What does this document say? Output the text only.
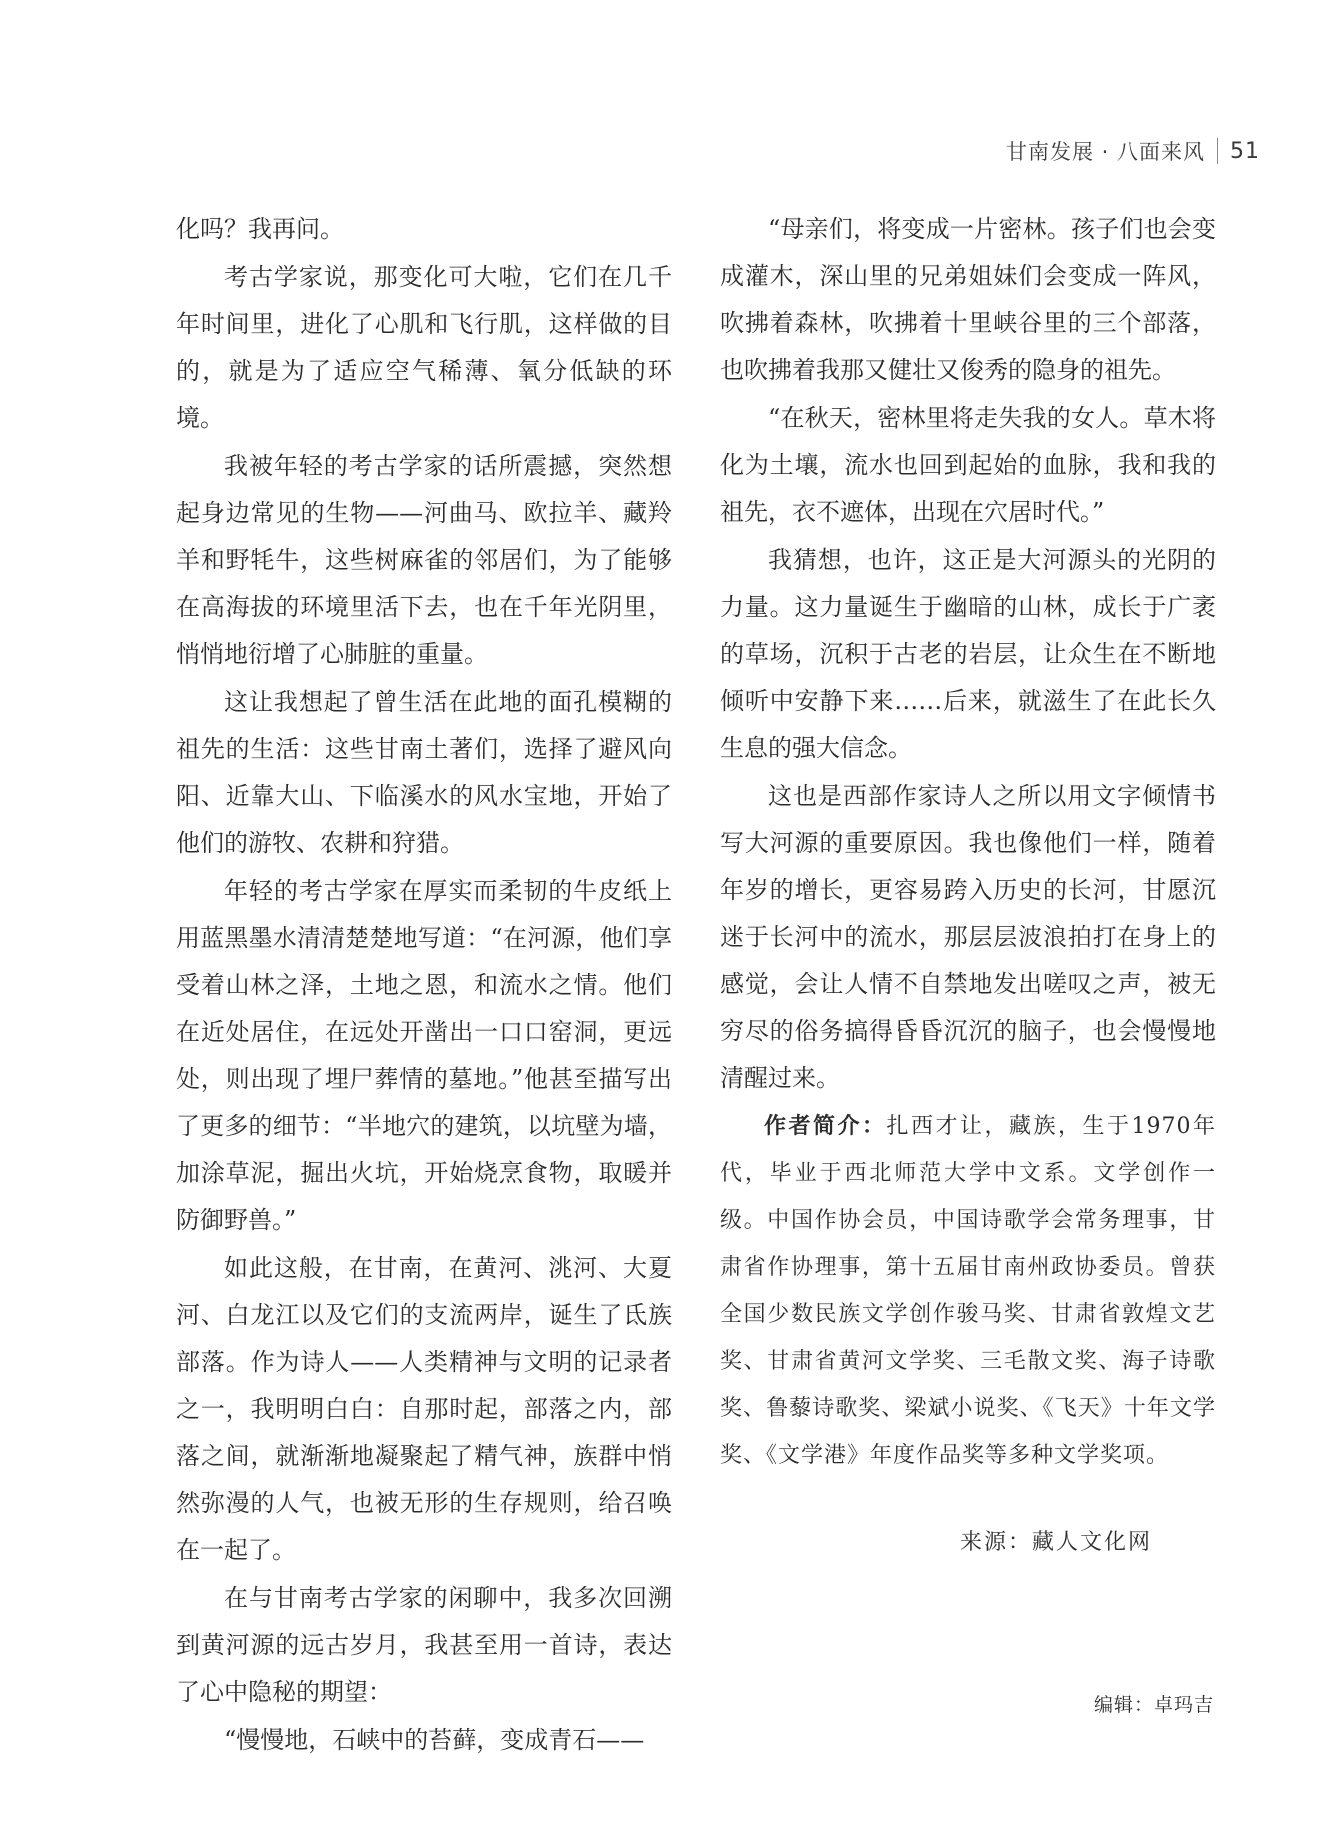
甘南发展 · 八面来风 51

化吗？我再问。

考古学家说，那变化可大啦，它们在几千年时间里，进化了心肌和飞行肌，这样做的目的，就是为了适应空气稀薄、氧分低缺的环境。

我被年轻的考古学家的话所震撼，突然想起身边常见的生物——河曲马、欧拉羊、藏羚羊和野牦牛，这些树麻雀的邻居们，为了能够在高海拔的环境里活下去，也在千年光阴里，悄悄地衍增了心肺脏的重量。

这让我想起了曾生活在此地的面孔模糊的祖先的生活：这些甘南土著们，选择了避风向阳、近靠大山、下临溪水的风水宝地，开始了他们的游牧、农耕和狩猎。

年轻的考古学家在厚实而柔韧的牛皮纸上用蓝黑墨水清清楚楚地写道：“在河源，他们享受着山林之泽，土地之恩，和流水之情。他们在近处居住，在远处开凿出一口口窑洞，更远处，则出现了埋尸葬情的墓地。”他甚至描写出了更多的细节：“半地穴的建筑，以坑壁为墙，加涂草泥，掘出火坑，开始烧烹食物，取暖并防御野兽。”

如此这般，在甘南，在黄河、洮河、大夏河、白龙江以及它们的支流两岸，诞生了氐族部落。作为诗人——人类精神与文明的记录者之一，我明明白白：自那时起，部落之内，部落之间，就渐渐地凝聚起了精气神，族群中悄然弥漫的人气，也被无形的生存规则，给召唤在一起了。

在与甘南考古学家的闲聊中，我多次回溯到黄河源的远古岁月，我甚至用一首诗，表达了心中隐秘的期望：

“慢慢地，石峡中的苔藓，变成青石——

“母亲们，将变成一片密林。孩子们也会变成灌木，深山里的兄弟姐妹们会变成一阵风，吹拂着森林，吹拂着十里峡谷里的三个部落，也吹拂着我那又健壮又俊秀的隐身的祖先。

“在秋天，密林里将走失我的女人。草木将化为土壤，流水也回到起始的血脉，我和我的祖先，衣不遮体，出现在穴居时代。”

我猜想，也许，这正是大河源头的光阴的力量。这力量诞生于幽暗的山林，成长于广袤的草场，沉积于古老的岩层，让众生在不断地倾听中安静下来……后来，就滋生了在此长久生息的强大信念。

这也是西部作家诗人之所以用文字倾情书写大河源的重要原因。我也像他们一样，随着年岁的增长，更容易跨入历史的长河，甘愿沉迷于长河中的流水，那层层波浪拍打在身上的感觉，会让人情不自禁地发出嗟叹之声，被无穷尽的俗务搞得昏昏沉沉的脑子，也会慢慢地清醒过来。

作者简介：扎西才让，藏族，生于1970年代，毕业于西北师范大学中文系。文学创作一级。中国作协会员，中国诗歌学会常务理事，甘肃省作协理事，第十五届甘南州政协委员。曾获全国少数民族文学创作骏马奖、甘肃省敦煌文艺奖、甘肃省黄河文学奖、三毛散文奖、海子诗歌奖、鲁藜诗歌奖、梁斌小说奖、《飞天》十年文学奖、《文学港》年度作品奖等多种文学奖项。

来源：藏人文化网
编辑：卓玛吉
